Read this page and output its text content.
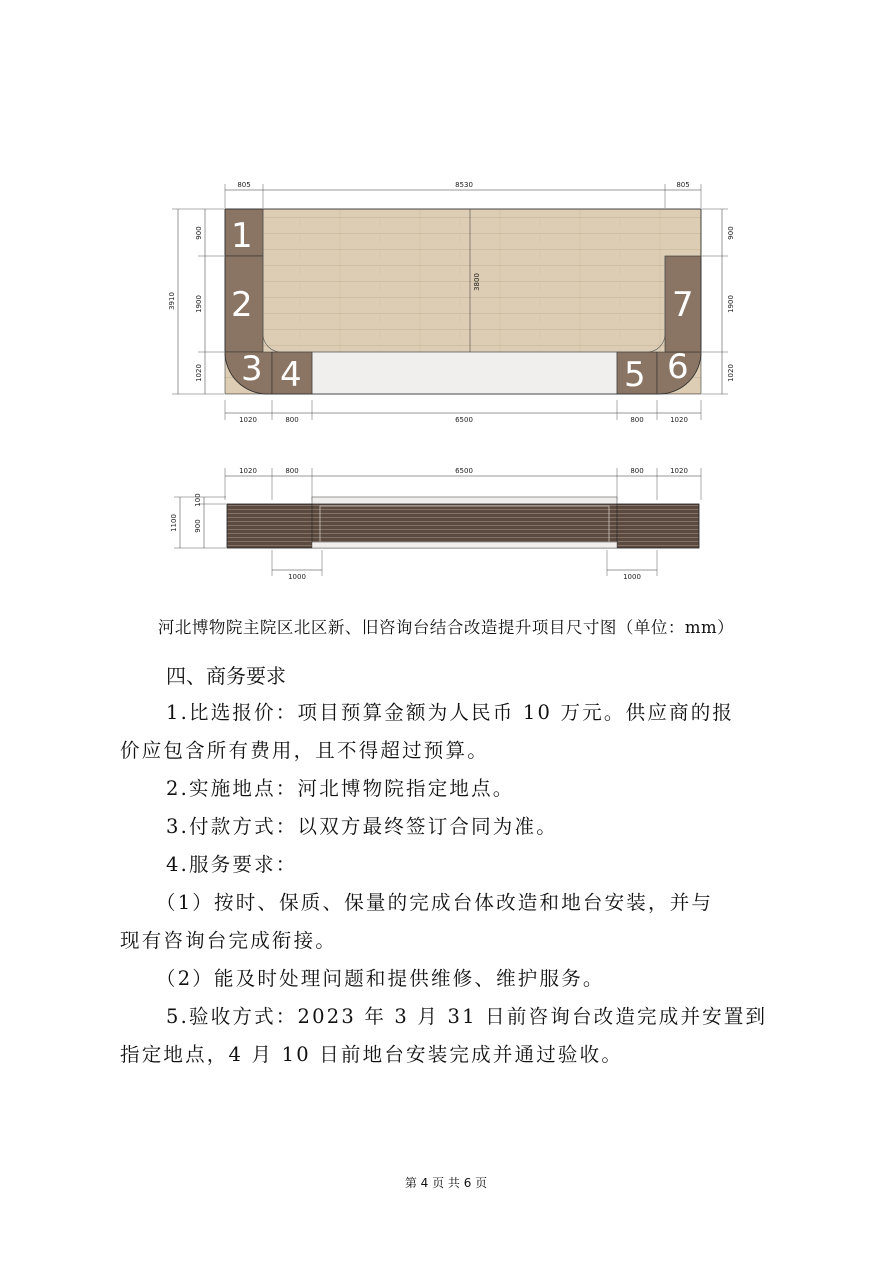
1
2
3 4	5 6
7
805	8530	805
3910
900
1900
1020
900
1900
1020
3800
1020	800	6500	800	1020
1020	800	6500	800	1020
1100
100
900
1000	1000
河北博物院主院区北区新、旧咨询台结合改造提升项目尺寸图（单位：mm）

四、商务要求

1.比选报价：项目预算金额为人民币 10 万元。供应商的报

价应包含所有费用，且不得超过预算。

2.实施地点：河北博物院指定地点。

3.付款方式：以双方最终签订合同为准。

4.服务要求：

（1）按时、保质、保量的完成台体改造和地台安装，并与

现有咨询台完成衔接。

（2）能及时处理问题和提供维修、维护服务。

5.验收方式：2023 年 3 月 31 日前咨询台改造完成并安置到

指定地点，4 月 10 日前地台安装完成并通过验收。

第 4 页 共 6 页
